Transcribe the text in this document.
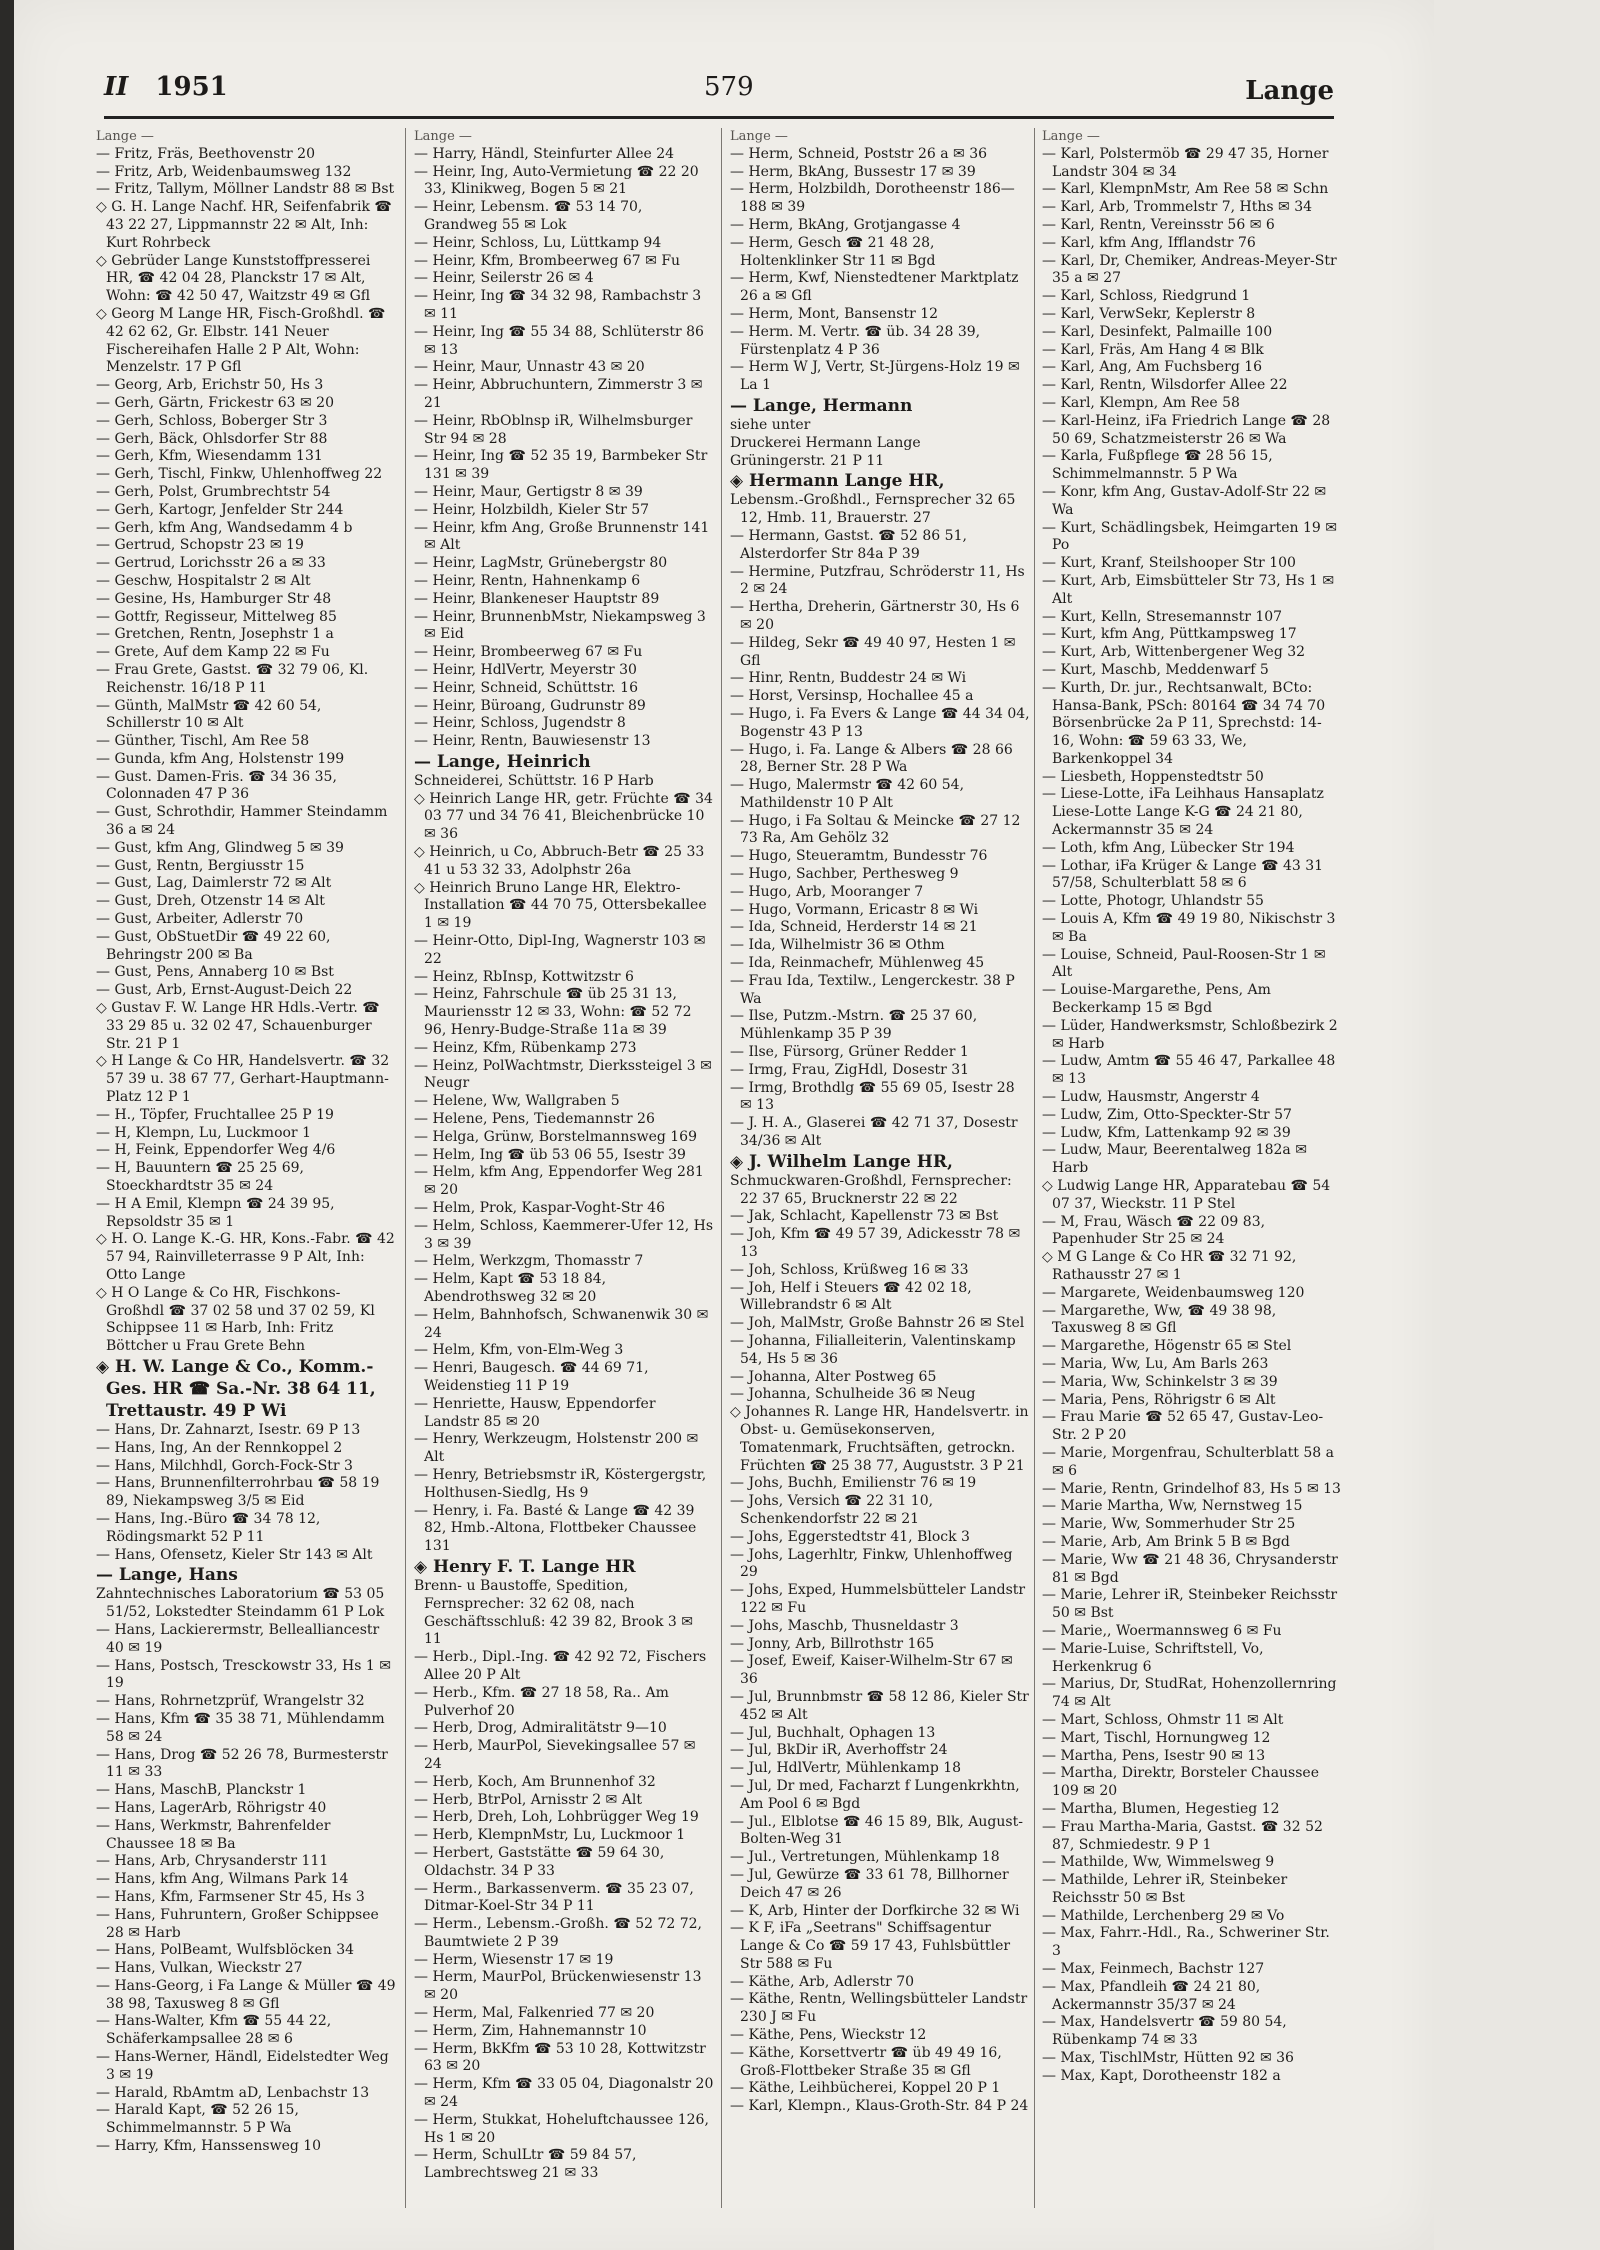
II 1951	579	Lange
Lange —
— Fritz, Fräs, Beethovenstr 20
— Fritz, Arb, Weidenbaumsweg 132
— Fritz, Tallym, Möllner Landstr 88 ✉ Bst
◇ G. H. Lange Nachf. HR, Seifenfabrik ☎ 43 22 27, Lippmannstr 22 ✉ Alt, Inh: Kurt Rohrbeck
◇ Gebrüder Lange Kunststoffpresserei HR, ☎ 42 04 28, Planckstr 17 ✉ Alt, Wohn: ☎ 42 50 47, Waitzstr 49 ✉ Gfl
◇ Georg M Lange HR, Fisch-Großhdl. ☎ 42 62 62, Gr. Elbstr. 141 Neuer Fischereihafen Halle 2 P Alt, Wohn: Menzelstr. 17 P Gfl
— Georg, Arb, Erichstr 50, Hs 3
— Gerh, Gärtn, Frickestr 63 ✉ 20
— Gerh, Schloss, Boberger Str 3
— Gerh, Bäck, Ohlsdorfer Str 88
— Gerh, Kfm, Wiesendamm 131
— Gerh, Tischl, Finkw, Uhlenhoffweg 22
— Gerh, Polst, Grumbrechtstr 54
— Gerh, Kartogr, Jenfelder Str 244
— Gerh, kfm Ang, Wandsedamm 4 b
— Gertrud, Schopstr 23 ✉ 19
— Gertrud, Lorichsstr 26 a ✉ 33
— Geschw, Hospitalstr 2 ✉ Alt
— Gesine, Hs, Hamburger Str 48
— Gottfr, Regisseur, Mittelweg 85
— Gretchen, Rentn, Josephstr 1 a
— Grete, Auf dem Kamp 22 ✉ Fu
— Frau Grete, Gastst. ☎ 32 79 06, Kl. Reichenstr. 16/18 P 11
— Günth, MalMstr ☎ 42 60 54, Schillerstr 10 ✉ Alt
— Günther, Tischl, Am Ree 58
— Gunda, kfm Ang, Holstenstr 199
— Gust. Damen-Fris. ☎ 34 36 35, Colonnaden 47 P 36
— Gust, Schrothdir, Hammer Steindamm 36 a ✉ 24
— Gust, kfm Ang, Glindweg 5 ✉ 39
— Gust, Rentn, Bergiusstr 15
— Gust, Lag, Daimlerstr 72 ✉ Alt
— Gust, Dreh, Otzenstr 14 ✉ Alt
— Gust, Arbeiter, Adlerstr 70
— Gust, ObStuetDir ☎ 49 22 60, Behringstr 200 ✉ Ba
— Gust, Pens, Annaberg 10 ✉ Bst
— Gust, Arb, Ernst-August-Deich 22
◇ Gustav F. W. Lange HR Hdls.-Vertr. ☎ 33 29 85 u. 32 02 47, Schauenburger Str. 21 P 1
◇ H Lange & Co HR, Handelsvertr. ☎ 32 57 39 u. 38 67 77, Gerhart-Hauptmann-Platz 12 P 1
— H., Töpfer, Fruchtallee 25 P 19
— H, Klempn, Lu, Luckmoor 1
— H, Feink, Eppendorfer Weg 4/6
— H, Bauuntern ☎ 25 25 69, Stoeckhardtstr 35 ✉ 24
— H A Emil, Klempn ☎ 24 39 95, Repsoldstr 35 ✉ 1
◇ H. O. Lange K.-G. HR, Kons.-Fabr. ☎ 42 57 94, Rainvilleterrasse 9 P Alt, Inh: Otto Lange
◇ H O Lange & Co HR, Fischkons-Großhdl ☎ 37 02 58 und 37 02 59, Kl Schippsee 11 ✉ Harb, Inh: Fritz Böttcher u Frau Grete Behn
◈ H. W. Lange & Co., Komm.-Ges. HR ☎ Sa.-Nr. 38 64 11, Trettaustr. 49 P Wi
— Hans, Dr. Zahnarzt, Isestr. 69 P 13
— Hans, Ing, An der Rennkoppel 2
— Hans, Milchhdl, Gorch-Fock-Str 3
— Hans, Brunnenfilterrohrbau ☎ 58 19 89, Niekampsweg 3/5 ✉ Eid
— Hans, Ing.-Büro ☎ 34 78 12, Rödingsmarkt 52 P 11
— Hans, Ofensetz, Kieler Str 143 ✉ Alt
— Lange, Hans
Zahntechnisches Laboratorium ☎ 53 05 51/52, Lokstedter Steindamm 61 P Lok
— Hans, Lackierermstr, Bellealliancestr 40 ✉ 19
— Hans, Postsch, Tresckowstr 33, Hs 1 ✉ 19
— Hans, Rohrnetzprüf, Wrangelstr 32
— Hans, Kfm ☎ 35 38 71, Mühlendamm 58 ✉ 24
— Hans, Drog ☎ 52 26 78, Burmesterstr 11 ✉ 33
— Hans, MaschB, Planckstr 1
— Hans, LagerArb, Röhrigstr 40
— Hans, Werkmstr, Bahrenfelder Chaussee 18 ✉ Ba
— Hans, Arb, Chrysanderstr 111
— Hans, kfm Ang, Wilmans Park 14
— Hans, Kfm, Farmsener Str 45, Hs 3
— Hans, Fuhruntern, Großer Schippsee 28 ✉ Harb
— Hans, PolBeamt, Wulfsblöcken 34
— Hans, Vulkan, Wieckstr 27
— Hans-Georg, i Fa Lange & Müller ☎ 49 38 98, Taxusweg 8 ✉ Gfl
— Hans-Walter, Kfm ☎ 55 44 22, Schäferkampsallee 28 ✉ 6
— Hans-Werner, Händl, Eidelstedter Weg 3 ✉ 19
— Harald, RbAmtm aD, Lenbachstr 13
— Harald Kapt, ☎ 52 26 15, Schimmelmannstr. 5 P Wa
— Harry, Kfm, Hanssensweg 10
Lange —
— Harry, Händl, Steinfurter Allee 24
— Heinr, Ing, Auto-Vermietung ☎ 22 20 33, Klinikweg, Bogen 5 ✉ 21
— Heinr, Lebensm. ☎ 53 14 70, Grandweg 55 ✉ Lok
— Heinr, Schloss, Lu, Lüttkamp 94
— Heinr, Kfm, Brombeerweg 67 ✉ Fu
— Heinr, Seilerstr 26 ✉ 4
— Heinr, Ing ☎ 34 32 98, Rambachstr 3 ✉ 11
— Heinr, Ing ☎ 55 34 88, Schlüterstr 86 ✉ 13
— Heinr, Maur, Unnastr 43 ✉ 20
— Heinr, Abbruchuntern, Zimmerstr 3 ✉ 21
— Heinr, RbOblnsp iR, Wilhelmsburger Str 94 ✉ 28
— Heinr, Ing ☎ 52 35 19, Barmbeker Str 131 ✉ 39
— Heinr, Maur, Gertigstr 8 ✉ 39
— Heinr, Holzbildh, Kieler Str 57
— Heinr, kfm Ang, Große Brunnenstr 141 ✉ Alt
— Heinr, LagMstr, Grünebergstr 80
— Heinr, Rentn, Hahnenkamp 6
— Heinr, Blankeneser Hauptstr 89
— Heinr, BrunnenbMstr, Niekampsweg 3 ✉ Eid
— Heinr, Brombeerweg 67 ✉ Fu
— Heinr, HdlVertr, Meyerstr 30
— Heinr, Schneid, Schüttstr. 16
— Heinr, Büroang, Gudrunstr 89
— Heinr, Schloss, Jugendstr 8
— Heinr, Rentn, Bauwiesenstr 13
— Lange, Heinrich
Schneiderei, Schüttstr. 16 P Harb
◇ Heinrich Lange HR, getr. Früchte ☎ 34 03 77 und 34 76 41, Bleichenbrücke 10 ✉ 36
◇ Heinrich, u Co, Abbruch-Betr ☎ 25 33 41 u 53 32 33, Adolphstr 26a
◇ Heinrich Bruno Lange HR, Elektro-Installation ☎ 44 70 75, Ottersbekallee 1 ✉ 19
— Heinr-Otto, Dipl-Ing, Wagnerstr 103 ✉ 22
— Heinz, RbInsp, Kottwitzstr 6
— Heinz, Fahrschule ☎ üb 25 31 13, Mauriensstr 12 ✉ 33, Wohn: ☎ 52 72 96, Henry-Budge-Straße 11a ✉ 39
— Heinz, Kfm, Rübenkamp 273
— Heinz, PolWachtmstr, Dierkssteigel 3 ✉ Neugr
— Helene, Ww, Wallgraben 5
— Helene, Pens, Tiedemannstr 26
— Helga, Grünw, Borstelmannsweg 169
— Helm, Ing ☎ üb 53 06 55, Isestr 39
— Helm, kfm Ang, Eppendorfer Weg 281 ✉ 20
— Helm, Prok, Kaspar-Voght-Str 46
— Helm, Schloss, Kaemmerer-Ufer 12, Hs 3 ✉ 39
— Helm, Werkzgm, Thomasstr 7
— Helm, Kapt ☎ 53 18 84, Abendrothsweg 32 ✉ 20
— Helm, Bahnhofsch, Schwanenwik 30 ✉ 24
— Helm, Kfm, von-Elm-Weg 3
— Henri, Baugesch. ☎ 44 69 71, Weidenstieg 11 P 19
— Henriette, Hausw, Eppendorfer Landstr 85 ✉ 20
— Henry, Werkzeugm, Holstenstr 200 ✉ Alt
— Henry, Betriebsmstr iR, Köstergergstr, Holthusen-Siedlg, Hs 9
— Henry, i. Fa. Basté & Lange ☎ 42 39 82, Hmb.-Altona, Flottbeker Chaussee 131
◈ Henry F. T. Lange HR
Brenn- u Baustoffe, Spedition, Fernsprecher: 32 62 08, nach Geschäftsschluß: 42 39 82, Brook 3 ✉ 11
— Herb., Dipl.-Ing. ☎ 42 92 72, Fischers Allee 20 P Alt
— Herb., Kfm. ☎ 27 18 58, Ra.. Am Pulverhof 20
— Herb, Drog, Admiralitätstr 9—10
— Herb, MaurPol, Sievekingsallee 57 ✉ 24
— Herb, Koch, Am Brunnenhof 32
— Herb, BtrPol, Arnisstr 2 ✉ Alt
— Herb, Dreh, Loh, Lohbrügger Weg 19
— Herb, KlempnMstr, Lu, Luckmoor 1
— Herbert, Gaststätte ☎ 59 64 30, Oldachstr. 34 P 33
— Herm., Barkassenverm. ☎ 35 23 07, Ditmar-Koel-Str 34 P 11
— Herm., Lebensm.-Großh. ☎ 52 72 72, Baumtwiete 2 P 39
— Herm, Wiesenstr 17 ✉ 19
— Herm, MaurPol, Brückenwiesenstr 13 ✉ 20
— Herm, Mal, Falkenried 77 ✉ 20
— Herm, Zim, Hahnemannstr 10
— Herm, BkKfm ☎ 53 10 28, Kottwitzstr 63 ✉ 20
— Herm, Kfm ☎ 33 05 04, Diagonalstr 20 ✉ 24
— Herm, Stukkat, Hoheluftchaussee 126, Hs 1 ✉ 20
— Herm, SchulLtr ☎ 59 84 57, Lambrechtsweg 21 ✉ 33
Lange —
— Herm, Schneid, Poststr 26 a ✉ 36
— Herm, BkAng, Bussestr 17 ✉ 39
— Herm, Holzbildh, Dorotheenstr 186—188 ✉ 39
— Herm, BkAng, Grotjangasse 4
— Herm, Gesch ☎ 21 48 28, Holtenklinker Str 11 ✉ Bgd
— Herm, Kwf, Nienstedtener Marktplatz 26 a ✉ Gfl
— Herm, Mont, Bansenstr 12
— Herm. M. Vertr. ☎ üb. 34 28 39, Fürstenplatz 4 P 36
— Herm W J, Vertr, St-Jürgens-Holz 19 ✉ La 1
— Lange, Hermann
siehe unter
Druckerei Hermann Lange
Grüningerstr. 21 P 11
◈ Hermann Lange HR,
Lebensm.-Großhdl., Fernsprecher 32 65 12, Hmb. 11, Brauerstr. 27
— Hermann, Gastst. ☎ 52 86 51, Alsterdorfer Str 84a P 39
— Hermine, Putzfrau, Schröderstr 11, Hs 2 ✉ 24
— Hertha, Dreherin, Gärtnerstr 30, Hs 6 ✉ 20
— Hildeg, Sekr ☎ 49 40 97, Hesten 1 ✉ Gfl
— Hinr, Rentn, Buddestr 24 ✉ Wi
— Horst, Versinsp, Hochallee 45 a
— Hugo, i. Fa Evers & Lange ☎ 44 34 04, Bogenstr 43 P 13
— Hugo, i. Fa. Lange & Albers ☎ 28 66 28, Berner Str. 28 P Wa
— Hugo, Malermstr ☎ 42 60 54, Mathildenstr 10 P Alt
— Hugo, i Fa Soltau & Meincke ☎ 27 12 73 Ra, Am Gehölz 32
— Hugo, Steueramtm, Bundesstr 76
— Hugo, Sachber, Perthesweg 9
— Hugo, Arb, Mooranger 7
— Hugo, Vormann, Ericastr 8 ✉ Wi
— Ida, Schneid, Herderstr 14 ✉ 21
— Ida, Wilhelmistr 36 ✉ Othm
— Ida, Reinmachefr, Mühlenweg 45
— Frau Ida, Textilw., Lengerckestr. 38 P Wa
— Ilse, Putzm.-Mstrn. ☎ 25 37 60, Mühlenkamp 35 P 39
— Ilse, Fürsorg, Grüner Redder 1
— Irmg, Frau, ZigHdl, Dosestr 31
— Irmg, Brothdlg ☎ 55 69 05, Isestr 28 ✉ 13
— J. H. A., Glaserei ☎ 42 71 37, Dosestr 34/36 ✉ Alt
◈ J. Wilhelm Lange HR,
Schmuckwaren-Großhdl, Fernsprecher: 22 37 65, Brucknerstr 22 ✉ 22
— Jak, Schlacht, Kapellenstr 73 ✉ Bst
— Joh, Kfm ☎ 49 57 39, Adickesstr 78 ✉ 13
— Joh, Schloss, Krüßweg 16 ✉ 33
— Joh, Helf i Steuers ☎ 42 02 18, Willebrandstr 6 ✉ Alt
— Joh, MalMstr, Große Bahnstr 26 ✉ Stel
— Johanna, Filialleiterin, Valentinskamp 54, Hs 5 ✉ 36
— Johanna, Alter Postweg 65
— Johanna, Schulheide 36 ✉ Neug
◇ Johannes R. Lange HR, Handelsvertr. in Obst- u. Gemüsekonserven, Tomatenmark, Fruchtsäften, getrockn. Früchten ☎ 25 38 77, Auguststr. 3 P 21
— Johs, Buchh, Emilienstr 76 ✉ 19
— Johs, Versich ☎ 22 31 10, Schenkendorfstr 22 ✉ 21
— Johs, Eggerstedtstr 41, Block 3
— Johs, Lagerhltr, Finkw, Uhlenhoffweg 29
— Johs, Exped, Hummelsbütteler Landstr 122 ✉ Fu
— Johs, Maschb, Thusneldastr 3
— Jonny, Arb, Billrothstr 165
— Josef, Eweif, Kaiser-Wilhelm-Str 67 ✉ 36
— Jul, Brunnbmstr ☎ 58 12 86, Kieler Str 452 ✉ Alt
— Jul, Buchhalt, Ophagen 13
— Jul, BkDir iR, Averhoffstr 24
— Jul, HdlVertr, Mühlenkamp 18
— Jul, Dr med, Facharzt f Lungenkrkhtn, Am Pool 6 ✉ Bgd
— Jul., Elblotse ☎ 46 15 89, Blk, August-Bolten-Weg 31
— Jul., Vertretungen, Mühlenkamp 18
— Jul, Gewürze ☎ 33 61 78, Billhorner Deich 47 ✉ 26
— K, Arb, Hinter der Dorfkirche 32 ✉ Wi
— K F, iFa „Seetrans" Schiffsagentur Lange & Co ☎ 59 17 43, Fuhlsbüttler Str 588 ✉ Fu
— Käthe, Arb, Adlerstr 70
— Käthe, Rentn, Wellingsbütteler Landstr 230 J ✉ Fu
— Käthe, Pens, Wieckstr 12
— Käthe, Korsettvertr ☎ üb 49 49 16, Groß-Flottbeker Straße 35 ✉ Gfl
— Käthe, Leihbücherei, Koppel 20 P 1
— Karl, Klempn., Klaus-Groth-Str. 84 P 24
Lange —
— Karl, Polstermöb ☎ 29 47 35, Horner Landstr 304 ✉ 34
— Karl, KlempnMstr, Am Ree 58 ✉ Schn
— Karl, Arb, Trommelstr 7, Hths ✉ 34
— Karl, Rentn, Vereinsstr 56 ✉ 6
— Karl, kfm Ang, Ifflandstr 76
— Karl, Dr, Chemiker, Andreas-Meyer-Str 35 a ✉ 27
— Karl, Schloss, Riedgrund 1
— Karl, VerwSekr, Keplerstr 8
— Karl, Desinfekt, Palmaille 100
— Karl, Fräs, Am Hang 4 ✉ Blk
— Karl, Ang, Am Fuchsberg 16
— Karl, Rentn, Wilsdorfer Allee 22
— Karl, Klempn, Am Ree 58
— Karl-Heinz, iFa Friedrich Lange ☎ 28 50 69, Schatzmeisterstr 26 ✉ Wa
— Karla, Fußpflege ☎ 28 56 15, Schimmelmannstr. 5 P Wa
— Konr, kfm Ang, Gustav-Adolf-Str 22 ✉ Wa
— Kurt, Schädlingsbek, Heimgarten 19 ✉ Po
— Kurt, Kranf, Steilshooper Str 100
— Kurt, Arb, Eimsbütteler Str 73, Hs 1 ✉ Alt
— Kurt, Kelln, Stresemannstr 107
— Kurt, kfm Ang, Püttkampsweg 17
— Kurt, Arb, Wittenbergener Weg 32
— Kurt, Maschb, Meddenwarf 5
— Kurth, Dr. jur., Rechtsanwalt, BCto: Hansa-Bank, PSch: 80164 ☎ 34 74 70 Börsenbrücke 2a P 11, Sprechstd: 14-16, Wohn: ☎ 59 63 33, We, Barkenkoppel 34
— Liesbeth, Hoppenstedtstr 50
— Liese-Lotte, iFa Leihhaus Hansaplatz Liese-Lotte Lange K-G ☎ 24 21 80, Ackermannstr 35 ✉ 24
— Loth, kfm Ang, Lübecker Str 194
— Lothar, iFa Krüger & Lange ☎ 43 31 57/58, Schulterblatt 58 ✉ 6
— Lotte, Photogr, Uhlandstr 55
— Louis A, Kfm ☎ 49 19 80, Nikischstr 3 ✉ Ba
— Louise, Schneid, Paul-Roosen-Str 1 ✉ Alt
— Louise-Margarethe, Pens, Am Beckerkamp 15 ✉ Bgd
— Lüder, Handwerksmstr, Schloßbezirk 2 ✉ Harb
— Ludw, Amtm ☎ 55 46 47, Parkallee 48 ✉ 13
— Ludw, Hausmstr, Angerstr 4
— Ludw, Zim, Otto-Speckter-Str 57
— Ludw, Kfm, Lattenkamp 92 ✉ 39
— Ludw, Maur, Beerentalweg 182a ✉ Harb
◇ Ludwig Lange HR, Apparatebau ☎ 54 07 37, Wieckstr. 11 P Stel
— M, Frau, Wäsch ☎ 22 09 83, Papenhuder Str 25 ✉ 24
◇ M G Lange & Co HR ☎ 32 71 92, Rathausstr 27 ✉ 1
— Margarete, Weidenbaumsweg 120
— Margarethe, Ww, ☎ 49 38 98, Taxusweg 8 ✉ Gfl
— Margarethe, Högenstr 65 ✉ Stel
— Maria, Ww, Lu, Am Barls 263
— Maria, Ww, Schinkelstr 3 ✉ 39
— Maria, Pens, Röhrigstr 6 ✉ Alt
— Frau Marie ☎ 52 65 47, Gustav-Leo-Str. 2 P 20
— Marie, Morgenfrau, Schulterblatt 58 a ✉ 6
— Marie, Rentn, Grindelhof 83, Hs 5 ✉ 13
— Marie Martha, Ww, Nernstweg 15
— Marie, Ww, Sommerhuder Str 25
— Marie, Arb, Am Brink 5 B ✉ Bgd
— Marie, Ww ☎ 21 48 36, Chrysanderstr 81 ✉ Bgd
— Marie, Lehrer iR, Steinbeker Reichsstr 50 ✉ Bst
— Marie,, Woermannsweg 6 ✉ Fu
— Marie-Luise, Schriftstell, Vo, Herkenkrug 6
— Marius, Dr, StudRat, Hohenzollernring 74 ✉ Alt
— Mart, Schloss, Ohmstr 11 ✉ Alt
— Mart, Tischl, Hornungweg 12
— Martha, Pens, Isestr 90 ✉ 13
— Martha, Direktr, Borsteler Chaussee 109 ✉ 20
— Martha, Blumen, Hegestieg 12
— Frau Martha-Maria, Gastst. ☎ 32 52 87, Schmiedestr. 9 P 1
— Mathilde, Ww, Wimmelsweg 9
— Mathilde, Lehrer iR, Steinbeker Reichsstr 50 ✉ Bst
— Mathilde, Lerchenberg 29 ✉ Vo
— Max, Fahrr.-Hdl., Ra., Schweriner Str. 3
— Max, Feinmech, Bachstr 127
— Max, Pfandleih ☎ 24 21 80, Ackermannstr 35/37 ✉ 24
— Max, Handelsvertr ☎ 59 80 54, Rübenkamp 74 ✉ 33
— Max, TischlMstr, Hütten 92 ✉ 36
— Max, Kapt, Dorotheenstr 182 a
